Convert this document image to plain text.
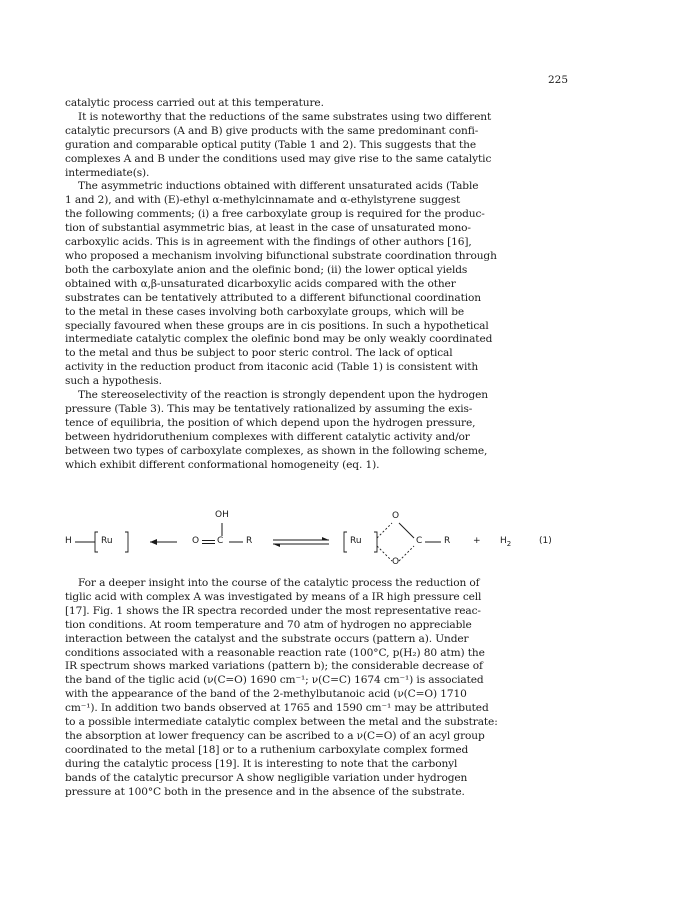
225
catalytic process carried out at this temperature.
It is noteworthy that the reductions of the same substrates using two different
catalytic precursors (A and B) give products with the same predominant confi-
guration and comparable optical putity (Table 1 and 2). This suggests that the
complexes A and B under the conditions used may give rise to the same catalytic
intermediate(s).
The asymmetric inductions obtained with different unsaturated acids (Table
1 and 2), and with (E)-ethyl α-methylcinnamate and α-ethylstyrene suggest
the following comments; (i) a free carboxylate group is required for the produc-
tion of substantial asymmetric bias, at least in the case of unsaturated mono-
carboxylic acids. This is in agreement with the findings of other authors [16],
who proposed a mechanism involving bifunctional substrate coordination through
both the carboxylate anion and the olefinic bond; (ii) the lower optical yields
obtained with α,β-unsaturated dicarboxylic acids compared with the other
substrates can be tentatively attributed to a different bifunctional coordination
to the metal in these cases involving both carboxylate groups, which will be
specially favoured when these groups are in cis positions. In such a hypothetical
intermediate catalytic complex the olefinic bond may be only weakly coordinated
to the metal and thus be subject to poor steric control. The lack of optical
activity in the reduction product from itaconic acid (Table 1) is consistent with
such a hypothesis.
The stereoselectivity of the reaction is strongly dependent upon the hydrogen
pressure (Table 3). This may be tentatively rationalized by assuming the exis-
tence of equilibria, the position of which depend upon the hydrogen pressure,
between hydridoruthenium complexes with different catalytic activity and/or
between two types of carboxylate complexes, as shown in the following scheme,
which exhibit different conformational homogeneity (eq. 1).
H	Ru
OH
O C	R	Ru
O
O
C R	+ $H_2$	(1)
For a deeper insight into the course of the catalytic process the reduction of
tiglic acid with complex A was investigated by means of a IR high pressure cell
[17]. Fig. 1 shows the IR spectra recorded under the most representative reac-
tion conditions. At room temperature and 70 atm of hydrogen no appreciable
interaction between the catalyst and the substrate occurs (pattern a). Under
conditions associated with a reasonable reaction rate (100°C, p(H₂) 80 atm) the
IR spectrum shows marked variations (pattern b); the considerable decrease of
the band of the tiglic acid (ν(C=O) 1690 cm⁻¹; ν(C=C) 1674 cm⁻¹) is associated
with the appearance of the band of the 2-methylbutanoic acid (ν(C=O) 1710
cm⁻¹). In addition two bands observed at 1765 and 1590 cm⁻¹ may be attributed
to a possible intermediate catalytic complex between the metal and the substrate:
the absorption at lower frequency can be ascribed to a ν(C=O) of an acyl group
coordinated to the metal [18] or to a ruthenium carboxylate complex formed
during the catalytic process [19]. It is interesting to note that the carbonyl
bands of the catalytic precursor A show negligible variation under hydrogen
pressure at 100°C both in the presence and in the absence of the substrate.
